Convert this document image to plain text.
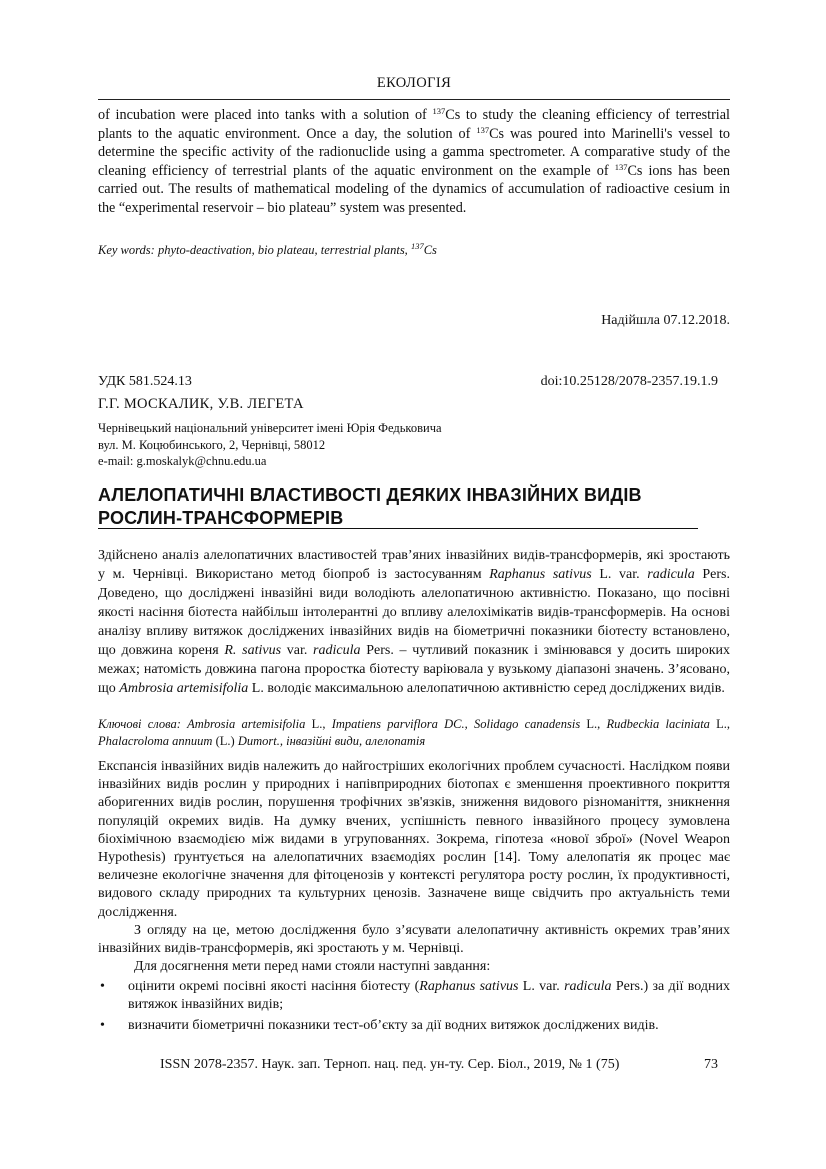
ЕКОЛОГІЯ

of incubation were placed into tanks with a solution of $^{137}$Cs to study the cleaning efficiency of terrestrial plants to the aquatic environment. Once a day, the solution of $^{137}$Cs was poured into Marinelli's vessel to determine the specific activity of the radionuclide using a gamma spectrometer. A comparative study of the cleaning efficiency of terrestrial plants of the aquatic environment on the example of $^{137}$Cs ions has been carried out. The results of mathematical modeling of the dynamics of accumulation of radioactive cesium in the “experimental reservoir – bio plateau” system was presented.

Key words: phyto-deactivation, bio plateau, terrestrial plants, $^{137}$Cs

Надійшла 07.12.2018.

УДК 581.524.13	doi:10.25128/2078-2357.19.1.9

Г.Г. МОСКАЛИК, У.В. ЛЕГЕТА

Чернівецький національний університет імені Юрія Федьковича
вул. М. Коцюбинського, 2, Чернівці, 58012
e-mail: g.moskalyk@chnu.edu.ua
АЛЕЛОПАТИЧНІ ВЛАСТИВОСТІ ДЕЯКИХ ІНВАЗІЙНИХ ВИДІВ
РОСЛИН-ТРАНСФОРМЕРІВ

Здійснено аналіз алелопатичних властивостей трав’яних інвазійних видів-трансформерів, які зростають у м. Чернівці. Використано метод біопроб із застосуванням Raphanus sativus L. var. radicula Pers. Доведено, що досліджені інвазійні види володіють алелопатичною активністю. Показано, що посівні якості насіння біотеста найбільш інтолерантні до впливу алелохімікатів видів-трансформерів. На основі аналізу впливу витяжок досліджених інвазійних видів на біометричні показники біотесту встановлено, що довжина кореня R. sativus var. radicula Pers. – чутливий показник і змінювався у досить широких межах; натомість довжина пагона проростка біотесту варіювала у вузькому діапазоні значень. З’ясовано, що Ambrosia artemisifolia L. володіє максимальною алелопатичною активністю серед досліджених видів.

Ключові слова: Ambrosia artemisifolia L., Impatiens parviflora DC., Solidago canadensis L., Rudbeckia laciniata L., Phalacroloma annuum (L.) Dumort., інвазійні види, алелопатія

Експансія інвазійних видів належить до найгостріших екологічних проблем сучасності. Наслідком появи інвазійних видів рослин у природних і напівприродних біотопах є зменшення проективного покриття аборигенних видів рослин, порушення трофічних зв'язків, зниження видового різноманіття, зникнення популяцій окремих видів. На думку вчених, успішність певного інвазійного процесу зумовлена біохімічною взаємодією між видами в угрупованнях. Зокрема, гіпотеза «нової зброї» (Novel Weapon Hypothesis) ґрунтується на алелопатичних взаємодіях рослин [14]. Тому алелопатія як процес має величезне екологічне значення для фітоценозів у контексті регулятора росту рослин, їх продуктивності, видового складу природних та культурних ценозів. Зазначене вище свідчить про актуальність теми дослідження.

З огляду на це, метою дослідження було з’ясувати алелопатичну активність окремих трав’яних інвазійних видів-трансформерів, які зростають у м. Чернівці.

Для досягнення мети перед нами стояли наступні завдання:

• оцінити окремі посівні якості насіння біотесту (Raphanus sativus L. var. radicula Pers.) за дії водних витяжок інвазійних видів;
• визначити біометричні показники тест-об’єкту за дії водних витяжок досліджених видів.
ISSN 2078-2357. Наук. зап. Терноп. нац. пед. ун-ту. Сер. Біол., 2019, № 1 (75)	73
